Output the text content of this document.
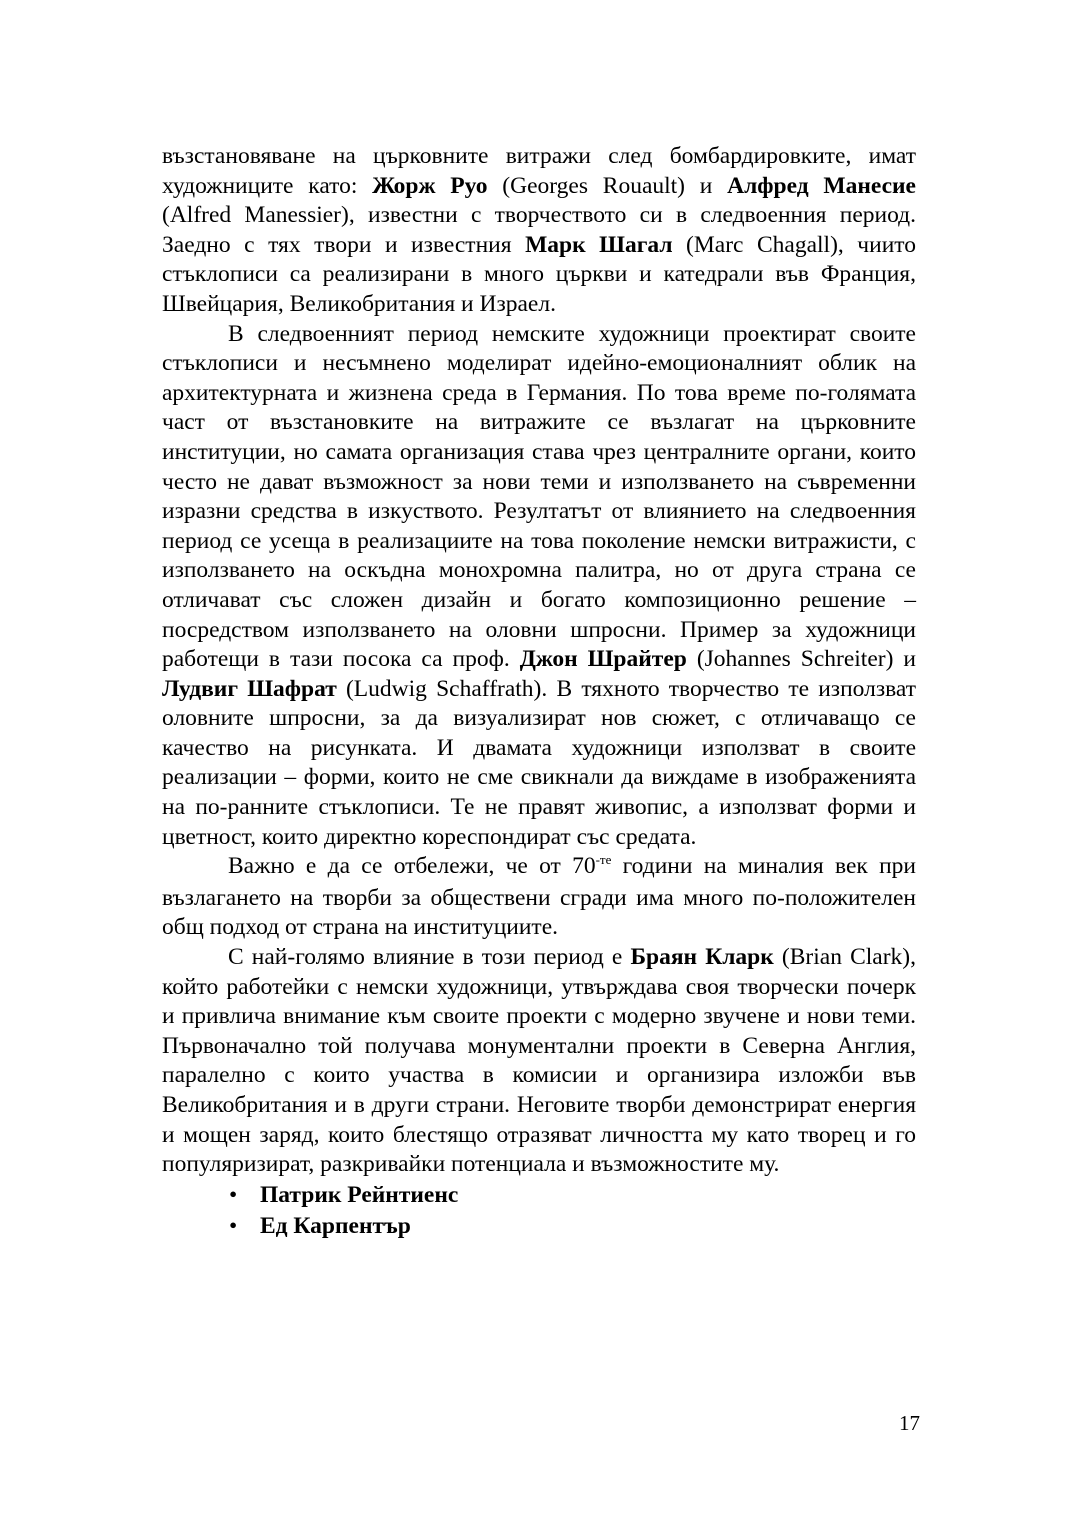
възстановяване на църковните витражи след бомбардировките, имат художниците като: Жорж Руо (Georges Rouault) и Алфред Манесие (Alfred Manessier), известни с творчеството си в следвоенния период. Заедно с тях твори и известния Марк Шагал (Marc Chagall), чиито стъклописи са реализирани в много църкви и катедрали във Франция, Швейцария, Великобритания и Израел.

В следвоенният период немските художници проектират своите стъклописи и несъмнено моделират идейно-емоционалният облик на архитектурната и жизнена среда в Германия. По това време по-голямата част от възстановките на витражите се възлагат на църковните институции, но самата организация става чрез централните органи, които често не дават възможност за нови теми и използването на съвременни изразни средства в изкуството. Резултатът от влиянието на следвоенния период се усеща в реализациите на това поколение немски витражисти, с използването на оскъдна монохромна палитра, но от друга страна се отличават със сложен дизайн и богато композиционно решение – посредством използването на оловни шпросни. Пример за художници работещи в тази посока са проф. Джон Шрайтер (Johannes Schreiter) и Лудвиг Шафрат (Ludwig Schaffrath). В тяхното творчество те използват оловните шпросни, за да визуализират нов сюжет, с отличаващо се качество на рисунката. И двамата художници използват в своите реализации – форми, които не сме свикнали да виждаме в изображенията на по-ранните стъклописи. Те не правят живопис, а използват форми и цветност, които директно кореспондират със средата.

Важно е да се отбележи, че от $70^{-те}$ години на миналия век при възлагането на творби за обществени сгради има много по-положителен общ подход от страна на институциите.

С най-голямо влияние в този период е Браян Кларк (Brian Clark), който работейки с немски художници, утвърждава своя творчески почерк и привлича внимание към своите проекти с модерно звучене и нови теми. Първоначално той получава монументални проекти в Северна Англия, паралелно с които участва в комисии и организира изложби във Великобритания и в други страни. Неговите творби демонстрират енергия и мощен заряд, които блестящо отразяват личността му като творец и го популяризират, разкривайки потенциала и възможностите му.

• Патрик Рейнтиенс
• Ед Карпентър
17
